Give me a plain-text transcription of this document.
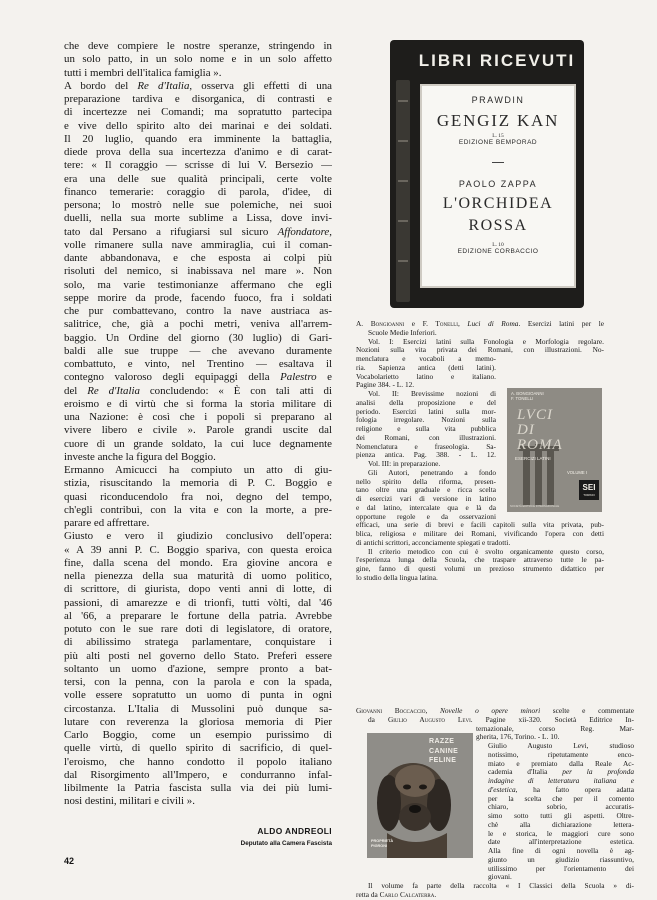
che deve compiere le nostre speranze, stringendo in
un solo patto, in un solo nome e in un solo affetto
tutti i membri dell'italica famiglia ».
A bordo del Re d'Italia, osserva gli effetti di una
preparazione tardiva e disorganica, di contrasti e
di incertezze nei Comandi; ma sopratutto partecipa
e vive dello spirito alto dei marinai e dei soldati.
Il 20 luglio, quando era imminente la battaglia,
diede prova della sua incertezza d'animo e di carat-
tere: « Il coraggio — scrisse di lui V. Bersezio —
era una delle sue qualità principali, certe volte
financo temerarie: coraggio di parola, d'idee, di
persona; lo mostrò nelle sue polemiche, nei suoi
duelli, nella sua morte sublime a Lissa, dove invi-
tato dal Persano a rifugiarsi sul sicuro Affondatore,
volle rimanere sulla nave ammiraglia, cui il coman-
dante abbandonava, e che esposta ai colpi più
risoluti del nemico, si inabissava nel mare ». Non
solo, ma varie testimonianze affermano che egli
seppe morire da prode, facendo fuoco, fra i soldati
che pur combattevano, contro la nave austriaca as-
salitrice, che, già a pochi metri, veniva all'arrem-
baggio. Un Ordine del giorno (30 luglio) di Gari-
baldi alle sue truppe — che avevano duramente
combattuto, e vinto, nel Trentino — esaltava il
contegno valoroso degli equipaggi della Palestro e
del Re d'Italia concludendo: « È con tali atti di
eroismo e di virtù che si forma la storia militare di
una Nazione: è così che i popoli si preparano al
vivere libero e civile ». Parole grandi uscite dal
cuore di un grande soldato, la cui luce degnamente
investe anche la figura del Boggio.
Ermanno Amicucci ha compiuto un atto di giu-
stizia, risuscitando la memoria di P. C. Boggio e
quasi riconducendolo fra noi, degno del tempo,
ch'egli contribuì, con la vita e con la morte, a pre-
parare ed affrettare.
Giusto e vero il giudizio conclusivo dell'opera:
« A 39 anni P. C. Boggio spariva, con questa eroica
fine, dalla scena del mondo. Era giovine ancora e
nella pienezza della sua maturità di uomo politico,
di scrittore, di giurista, dopo venti anni di lotte, di
passioni, di amarezze e di trionfi, tutti vòlti, dal '46
al '66, a preparare le fortune della patria. Avrebbe
potuto con le sue rare doti di legislatore, di oratore,
di abilissimo stratega parlamentare, conquistare i
più alti posti nel governo dello Stato. Preferì essere
soltanto un uomo d'azione, sempre pronto a bat-
tersi, con la penna, con la parola e con la spada,
volle essere sopratutto un uomo di punta in ogni
circostanza. L'Italia di Mussolini può dunque sa-
lutare con reverenza la gloriosa memoria di Pier
Carlo Boggio, come un esempio purissimo di
quelle virtù, di quello spirito di sacrificio, di quel-
l'eroismo, che hanno condotto il popolo italiano
dal Risorgimento all'Impero, e condurranno infal-
libilmente la Patria fascista sulla via dei più lumi-
nosi destini, militari e civili ».
ALDO ANDREOLI
Deputato alla Camera Fascista
42
LIBRI RICEVUTI
PRAWDIN
GENGIZ KAN
L. 15
EDIZIONE BEMPORAD
PAOLO ZAPPA
L'ORCHIDEA
ROSSA
L. 10
EDIZIONE CORBACCIO
A. Bongioanni e F. Tonelli, Luci di Roma. Esercizi latini per le
Scuole Medie Inferiori.
Vol. I: Esercizi latini sulla Fonologia e Morfologia regolare.
Nozioni sulla vita privata dei Romani, con illustrazioni. No-
menclatura e vocaboli a memo-
ria. Sapienza antica (detti latini).
Vocabolarietto latino e italiano.
Pagine 384. - L. 12.
Vol. II: Brevissime nozioni di
analisi della proposizione e del
periodo. Esercizi latini sulla mor-
fologia irregolare. Nozioni sulla
religione e sulla vita pubblica
dei Romani, con illustrazioni.
Nomenclatura e fraseologia. Sa-
pienza antica. Pag. 388. - L. 12.
Vol. III: in preparazione.
Gli Autori, penetrando a fondo
nello spirito della riforma, presen-
tano oltre una graduale e ricca scelta
di esercizi vari di versione in latino
e dal latino, intercalate qua e là da
opportune regole e da osservazioni
efficaci, una serie di brevi e facili capitoli sulla vita privata, pub-
blica, religiosa e militare dei Romani, vivificando l'opera con detti
di antichi scrittori, acconciamente spiegati e tradotti.
Il criterio metodico con cui è svolto organicamente questo corso,
l'esperienza lunga della Scuola, che traspare attraverso tutte le pa-
gine, fanno di questi volumi un prezioso strumento didattico per
lo studio della lingua latina.
A. BONGIOANNI
F. TONELLI
LVCI
DI
ROMA
ESERCIZI LATINI
VOLUME I
SEI
TORINO
SOCIETÀ EDITRICE INTERNAZIONALE
Giovanni Boccaccio, Novelle o opere minori scelte e commentate
da Giulio Augusto Levi. Pagine xii-320. Società Editrice In-
ternazionale, corso Reg. Mar-
gherita, 176, Torino. - L. 10.
Giulio Augusto Levi, studioso
notissimo, ripetutamente enco-
miato e premiato dalla Reale Ac-
cademia d'Italia per la profonda
indagine di letteratura italiana e
d'estetica, ha fatto opera adatta
per la scelta che per il comento
chiaro, sobrio, accuratis-
simo sotto tutti gli aspetti. Oltre-
chè alla dichiarazione lettera-
le e storica, le maggiori cure sono
date all'interpretazione estetica.
Alla fine di ogni novella è ag-
giunto un giudizio riassuntivo,
utilissimo per l'orientamento dei
giovani.
Il volume fa parte della raccolta « I Classici della Scuola » di-
retta da Carlo Calcaterra.
RAZZE
CANINE
FELINE
PROPRIETÀ
PIGRONI
